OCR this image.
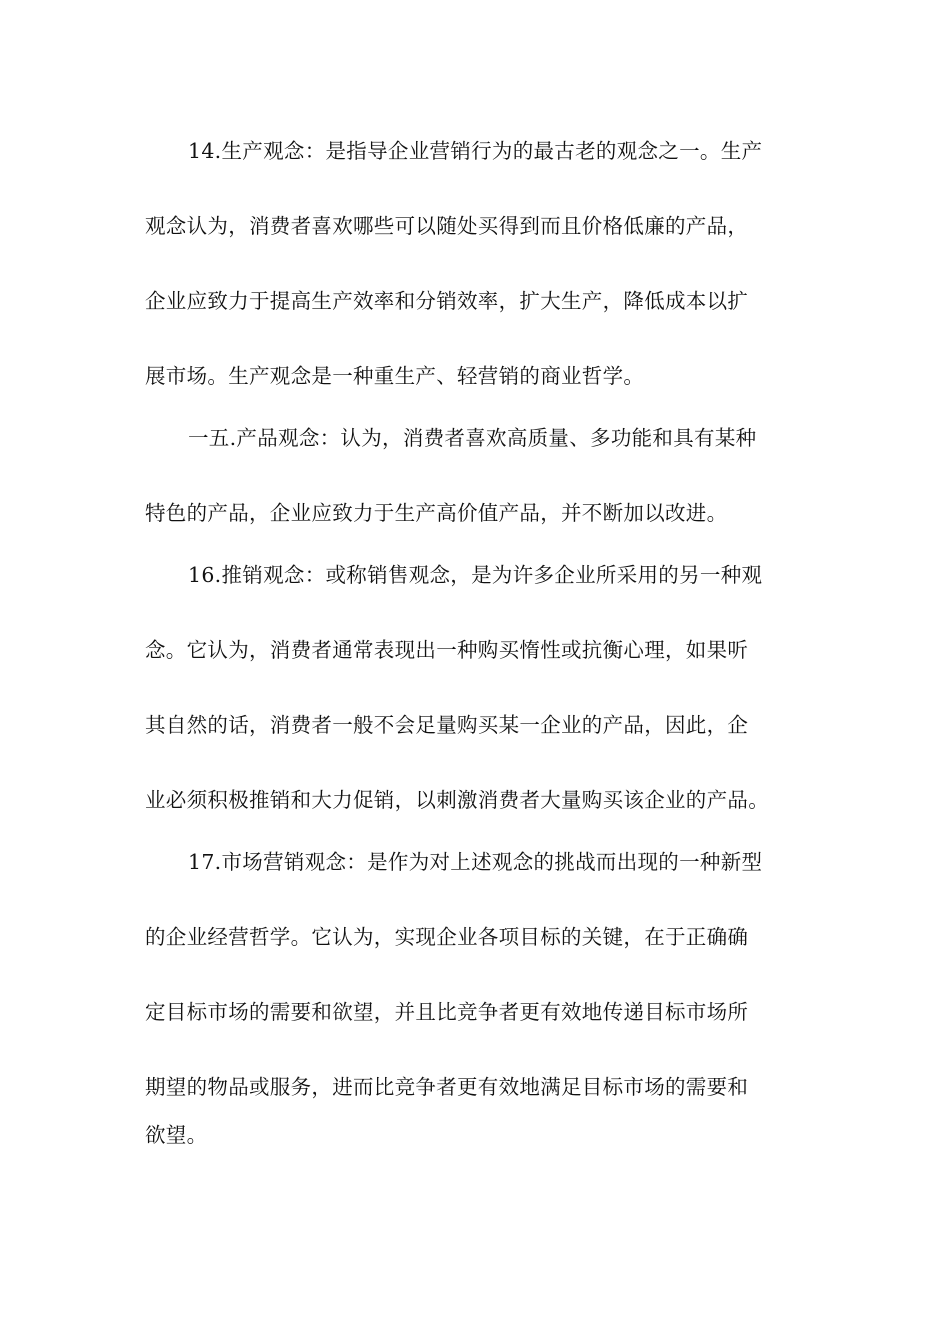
14.生产观念：是指导企业营销行为的最古老的观念之一。生产

观念认为，消费者喜欢哪些可以随处买得到而且价格低廉的产品，

企业应致力于提高生产效率和分销效率，扩大生产，降低成本以扩

展市场。生产观念是一种重生产、轻营销的商业哲学。

一五.产品观念：认为，消费者喜欢高质量、多功能和具有某种

特色的产品，企业应致力于生产高价值产品，并不断加以改进。

16.推销观念：或称销售观念，是为许多企业所采用的另一种观

念。它认为，消费者通常表现出一种购买惰性或抗衡心理，如果听

其自然的话，消费者一般不会足量购买某一企业的产品，因此，企

业必须积极推销和大力促销，以刺激消费者大量购买该企业的产品。

17.市场营销观念：是作为对上述观念的挑战而出现的一种新型

的企业经营哲学。它认为，实现企业各项目标的关键，在于正确确

定目标市场的需要和欲望，并且比竞争者更有效地传递目标市场所

期望的物品或服务，进而比竞争者更有效地满足目标市场的需要和

欲望。
